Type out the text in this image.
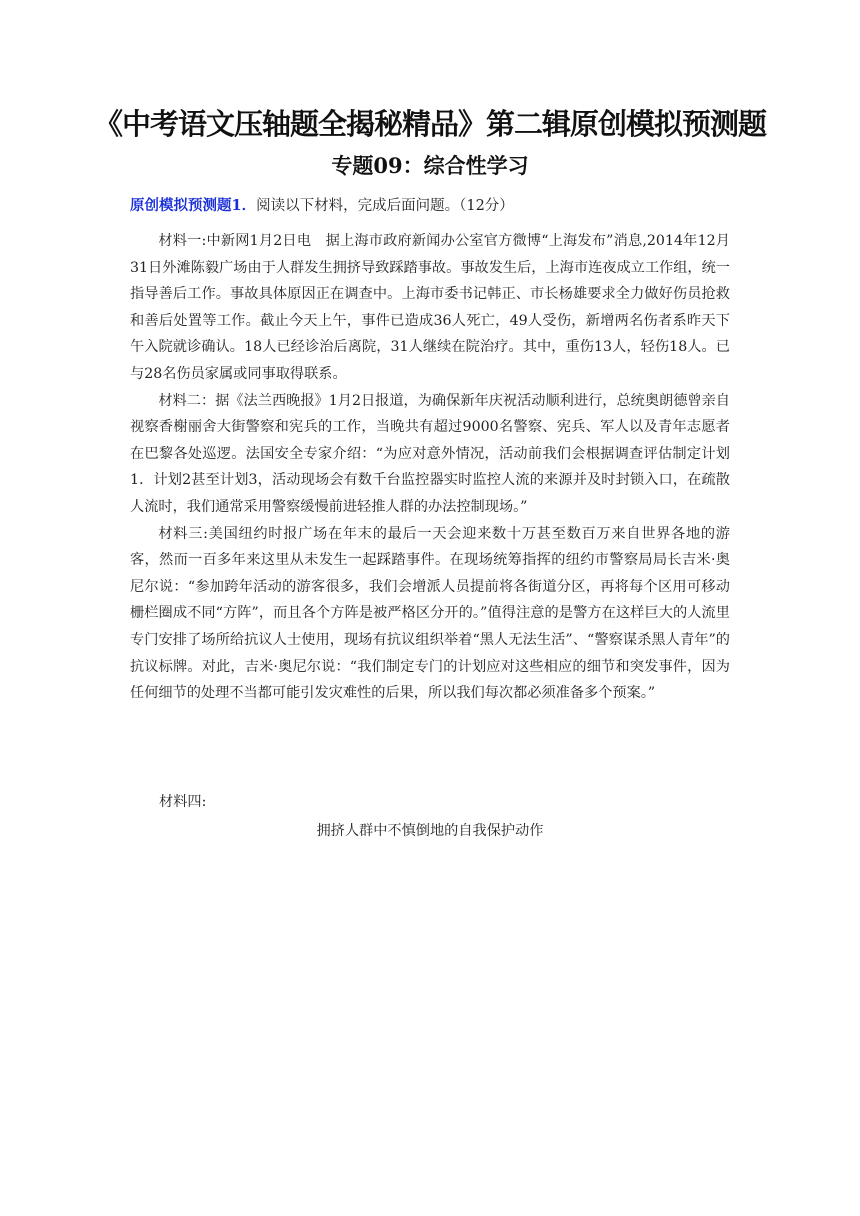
《中考语文压轴题全揭秘精品》第二辑原创模拟预测题
专题09：综合性学习
原创模拟预测题1．阅读以下材料，完成后面问题。（12分）

材料一:中新网1月2日电　据上海市政府新闻办公室官方微博“上海发布”消息,2014年12月31日外滩陈毅广场由于人群发生拥挤导致踩踏事故。事故发生后，上海市连夜成立工作组，统一指导善后工作。事故具体原因正在调查中。上海市委书记韩正、市长杨雄要求全力做好伤员抢救和善后处置等工作。截止今天上午，事件已造成36人死亡，49人受伤，新增两名伤者系昨天下午入院就诊确认。18人已经诊治后离院，31人继续在院治疗。其中，重伤13人，轻伤18人。已与28名伤员家属或同事取得联系。

材料二：据《法兰西晚报》1月2日报道，为确保新年庆祝活动顺利进行，总统奥朗德曾亲自视察香榭丽舍大街警察和宪兵的工作，当晚共有超过9000名警察、宪兵、军人以及青年志愿者在巴黎各处巡逻。法国安全专家介绍：“为应对意外情况，活动前我们会根据调查评估制定计划1．计划2甚至计划3，活动现场会有数千台监控器实时监控人流的来源并及时封锁入口，在疏散人流时，我们通常采用警察缓慢前进轻推人群的办法控制现场。”

材料三:美国纽约时报广场在年末的最后一天会迎来数十万甚至数百万来自世界各地的游客，然而一百多年来这里从未发生一起踩踏事件。在现场统筹指挥的纽约市警察局局长吉米·奥尼尔说：“参加跨年活动的游客很多，我们会增派人员提前将各街道分区，再将每个区用可移动栅栏圈成不同“方阵”，而且各个方阵是被严格区分开的。”值得注意的是警方在这样巨大的人流里专门安排了场所给抗议人士使用，现场有抗议组织举着“黑人无法生活”、“警察谋杀黑人青年”的抗议标牌。对此，吉米·奥尼尔说：“我们制定专门的计划应对这些相应的细节和突发事件，因为任何细节的处理不当都可能引发灾难性的后果，所以我们每次都必须准备多个预案。”

材料四:
拥挤人群中不慎倒地的自我保护动作
